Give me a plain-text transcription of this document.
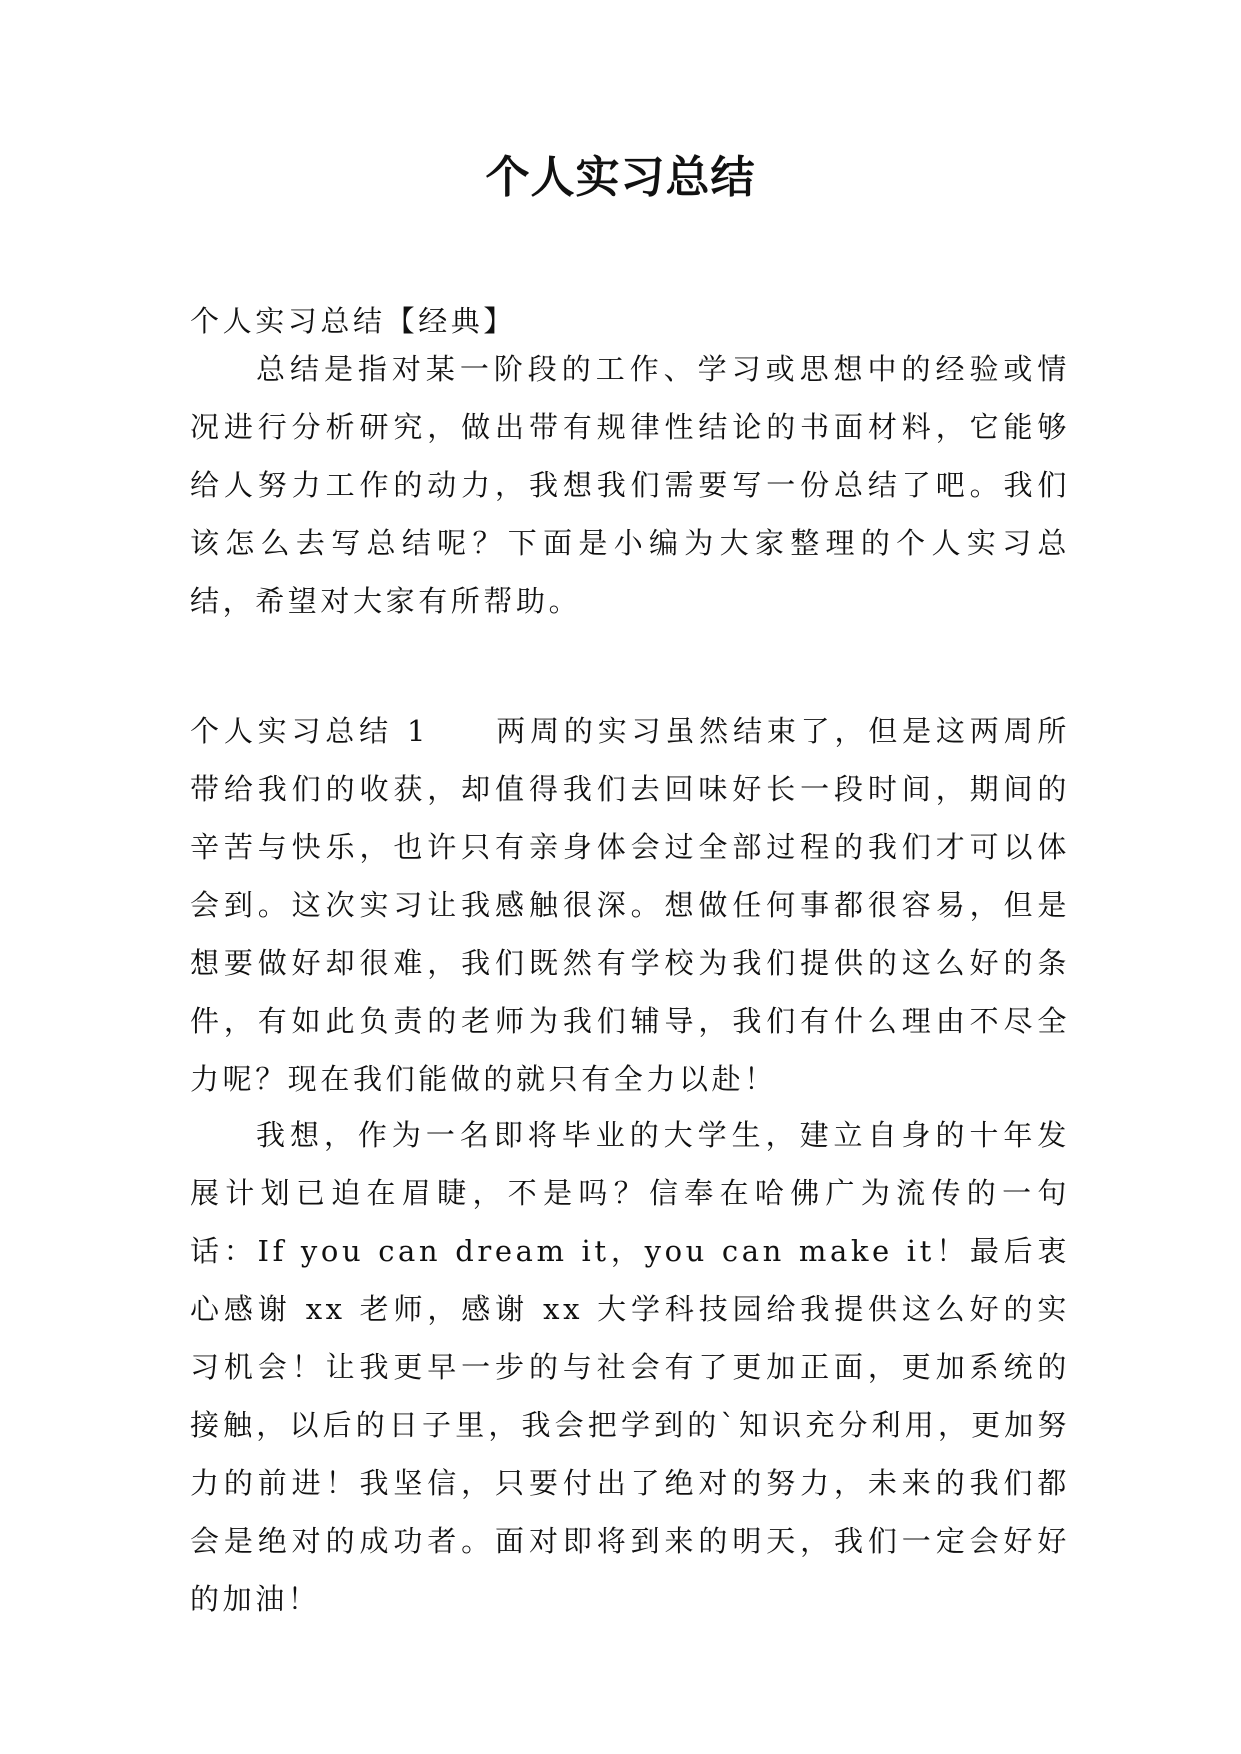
个人实习总结

个人实习总结【经典】

总结是指对某一阶段的工作、学习或思想中的经验或情况进行分析研究，做出带有规律性结论的书面材料，它能够给人努力工作的动力，我想我们需要写一份总结了吧。我们该怎么去写总结呢？下面是小编为大家整理的个人实习总结，希望对大家有所帮助。

个人实习总结 1 两周的实习虽然结束了，但是这两周所带给我们的收获，却值得我们去回味好长一段时间，期间的辛苦与快乐，也许只有亲身体会过全部过程的我们才可以体会到。这次实习让我感触很深。想做任何事都很容易，但是想要做好却很难，我们既然有学校为我们提供的这么好的条件，有如此负责的老师为我们辅导，我们有什么理由不尽全力呢？现在我们能做的就只有全力以赴！

我想，作为一名即将毕业的大学生，建立自身的十年发展计划已迫在眉睫，不是吗？信奉在哈佛广为流传的一句话：If you can dream it，you can make it！最后衷心感谢 xx 老师，感谢 xx 大学科技园给我提供这么好的实习机会！让我更早一步的与社会有了更加正面，更加系统的接触，以后的日子里，我会把学到的`知识充分利用，更加努力的前进！我坚信，只要付出了绝对的努力，未来的我们都会是绝对的成功者。面对即将到来的明天，我们一定会好好的加油！
